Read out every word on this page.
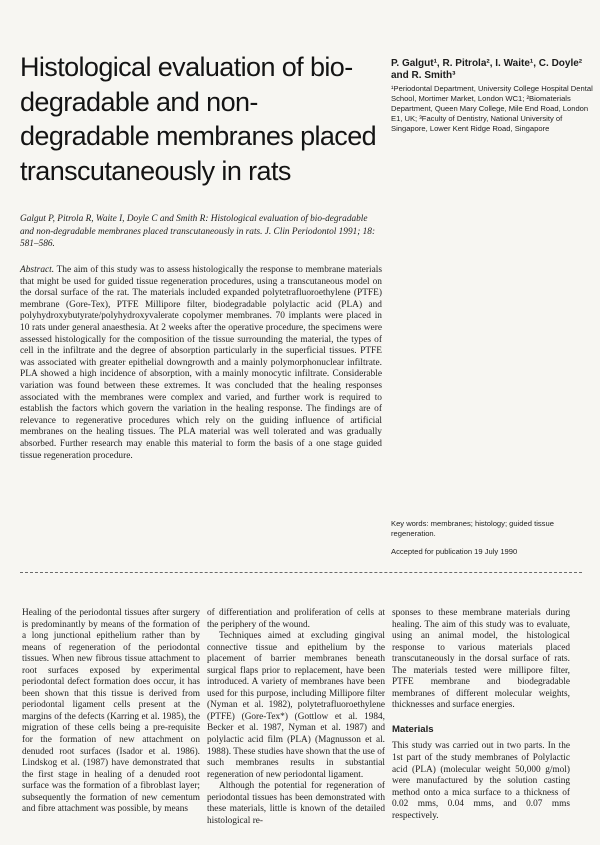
Histological evaluation of bio-degradable and non-degradable membranes placed transcutaneously in rats
P. Galgut¹, R. Pitrola², I. Waite¹, C. Doyle² and R. Smith³
¹Periodontal Department, University College Hospital Dental School, Mortimer Market, London WC1; ²Biomaterials Department, Queen Mary College, Mile End Road, London E1, UK; ³Faculty of Dentistry, National University of Singapore, Lower Kent Ridge Road, Singapore
Galgut P, Pitrola R, Waite I, Doyle C and Smith R: Histological evaluation of bio-degradable and non-degradable membranes placed transcutaneously in rats. J. Clin Periodontol 1991; 18: 581–586.
Abstract. The aim of this study was to assess histologically the response to membrane materials that might be used for guided tissue regeneration procedures, using a transcutaneous model on the dorsal surface of the rat. The materials included expanded polytetrafluoroethylene (PTFE) membrane (Gore-Tex), PTFE Millipore filter, biodegradable polylactic acid (PLA) and polyhydroxybutyrate/polyhydroxyvalerate copolymer membranes. 70 implants were placed in 10 rats under general anaesthesia. At 2 weeks after the operative procedure, the specimens were assessed histologically for the composition of the tissue surrounding the material, the types of cell in the infiltrate and the degree of absorption particularly in the superficial tissues. PTFE was associated with greater epithelial downgrowth and a mainly polymorphonuclear infiltrate. PLA showed a high incidence of absorption, with a mainly monocytic infiltrate. Considerable variation was found between these extremes. It was concluded that the healing responses associated with the membranes were complex and varied, and further work is required to establish the factors which govern the variation in the healing response. The findings are of relevance to regenerative procedures which rely on the guiding influence of artificial membranes on the healing tissues. The PLA material was well tolerated and was gradually absorbed. Further research may enable this material to form the basis of a one stage guided tissue regeneration procedure.
Key words: membranes; histology; guided tissue regeneration.
Accepted for publication 19 July 1990

Healing of the periodontal tissues after surgery is predominantly by means of the formation of a long junctional epithelium rather than by means of regeneration of the periodontal tissues. When new fibrous tissue attachment to root surfaces exposed by experimental periodontal defect formation does occur, it has been shown that this tissue is derived from periodontal ligament cells present at the margins of the defects (Karring et al. 1985), the migration of these cells being a pre-requisite for the formation of new attachment on denuded root surfaces (Isador et al. 1986). Lindskog et al. (1987) have demonstrated that the first stage in healing of a denuded root surface was the formation of a fibroblast layer; subsequently the formation of new cementum and fibre attachment was possible, by means

of differentiation and proliferation of cells at the periphery of the wound.

Techniques aimed at excluding gingival connective tissue and epithelium by the placement of barrier membranes beneath surgical flaps prior to replacement, have been introduced. A variety of membranes have been used for this purpose, including Millipore filter (Nyman et al. 1982), polytetrafluoroethylene (PTFE) (Gore-Tex*) (Gottlow et al. 1984, Becker et al. 1987, Nyman et al. 1987) and polylactic acid film (PLA) (Magnusson et al. 1988). These studies have shown that the use of such membranes results in substantial regeneration of new periodontal ligament.

Although the potential for regeneration of periodontal tissues has been demonstrated with these materials, little is known of the detailed histological re-

sponses to these membrane materials during healing. The aim of this study was to evaluate, using an animal model, the histological response to various materials placed transcutaneously in the dorsal surface of rats. The materials tested were millipore filter, PTFE membrane and biodegradable membranes of different molecular weights, thicknesses and surface energies.

Materials

This study was carried out in two parts. In the 1st part of the study membranes of Polylactic acid (PLA) (molecular weight 50,000 g/mol) were manufactured by the solution casting method onto a mica surface to a thickness of 0.02 mms, 0.04 mms, and 0.07 mms respectively.
